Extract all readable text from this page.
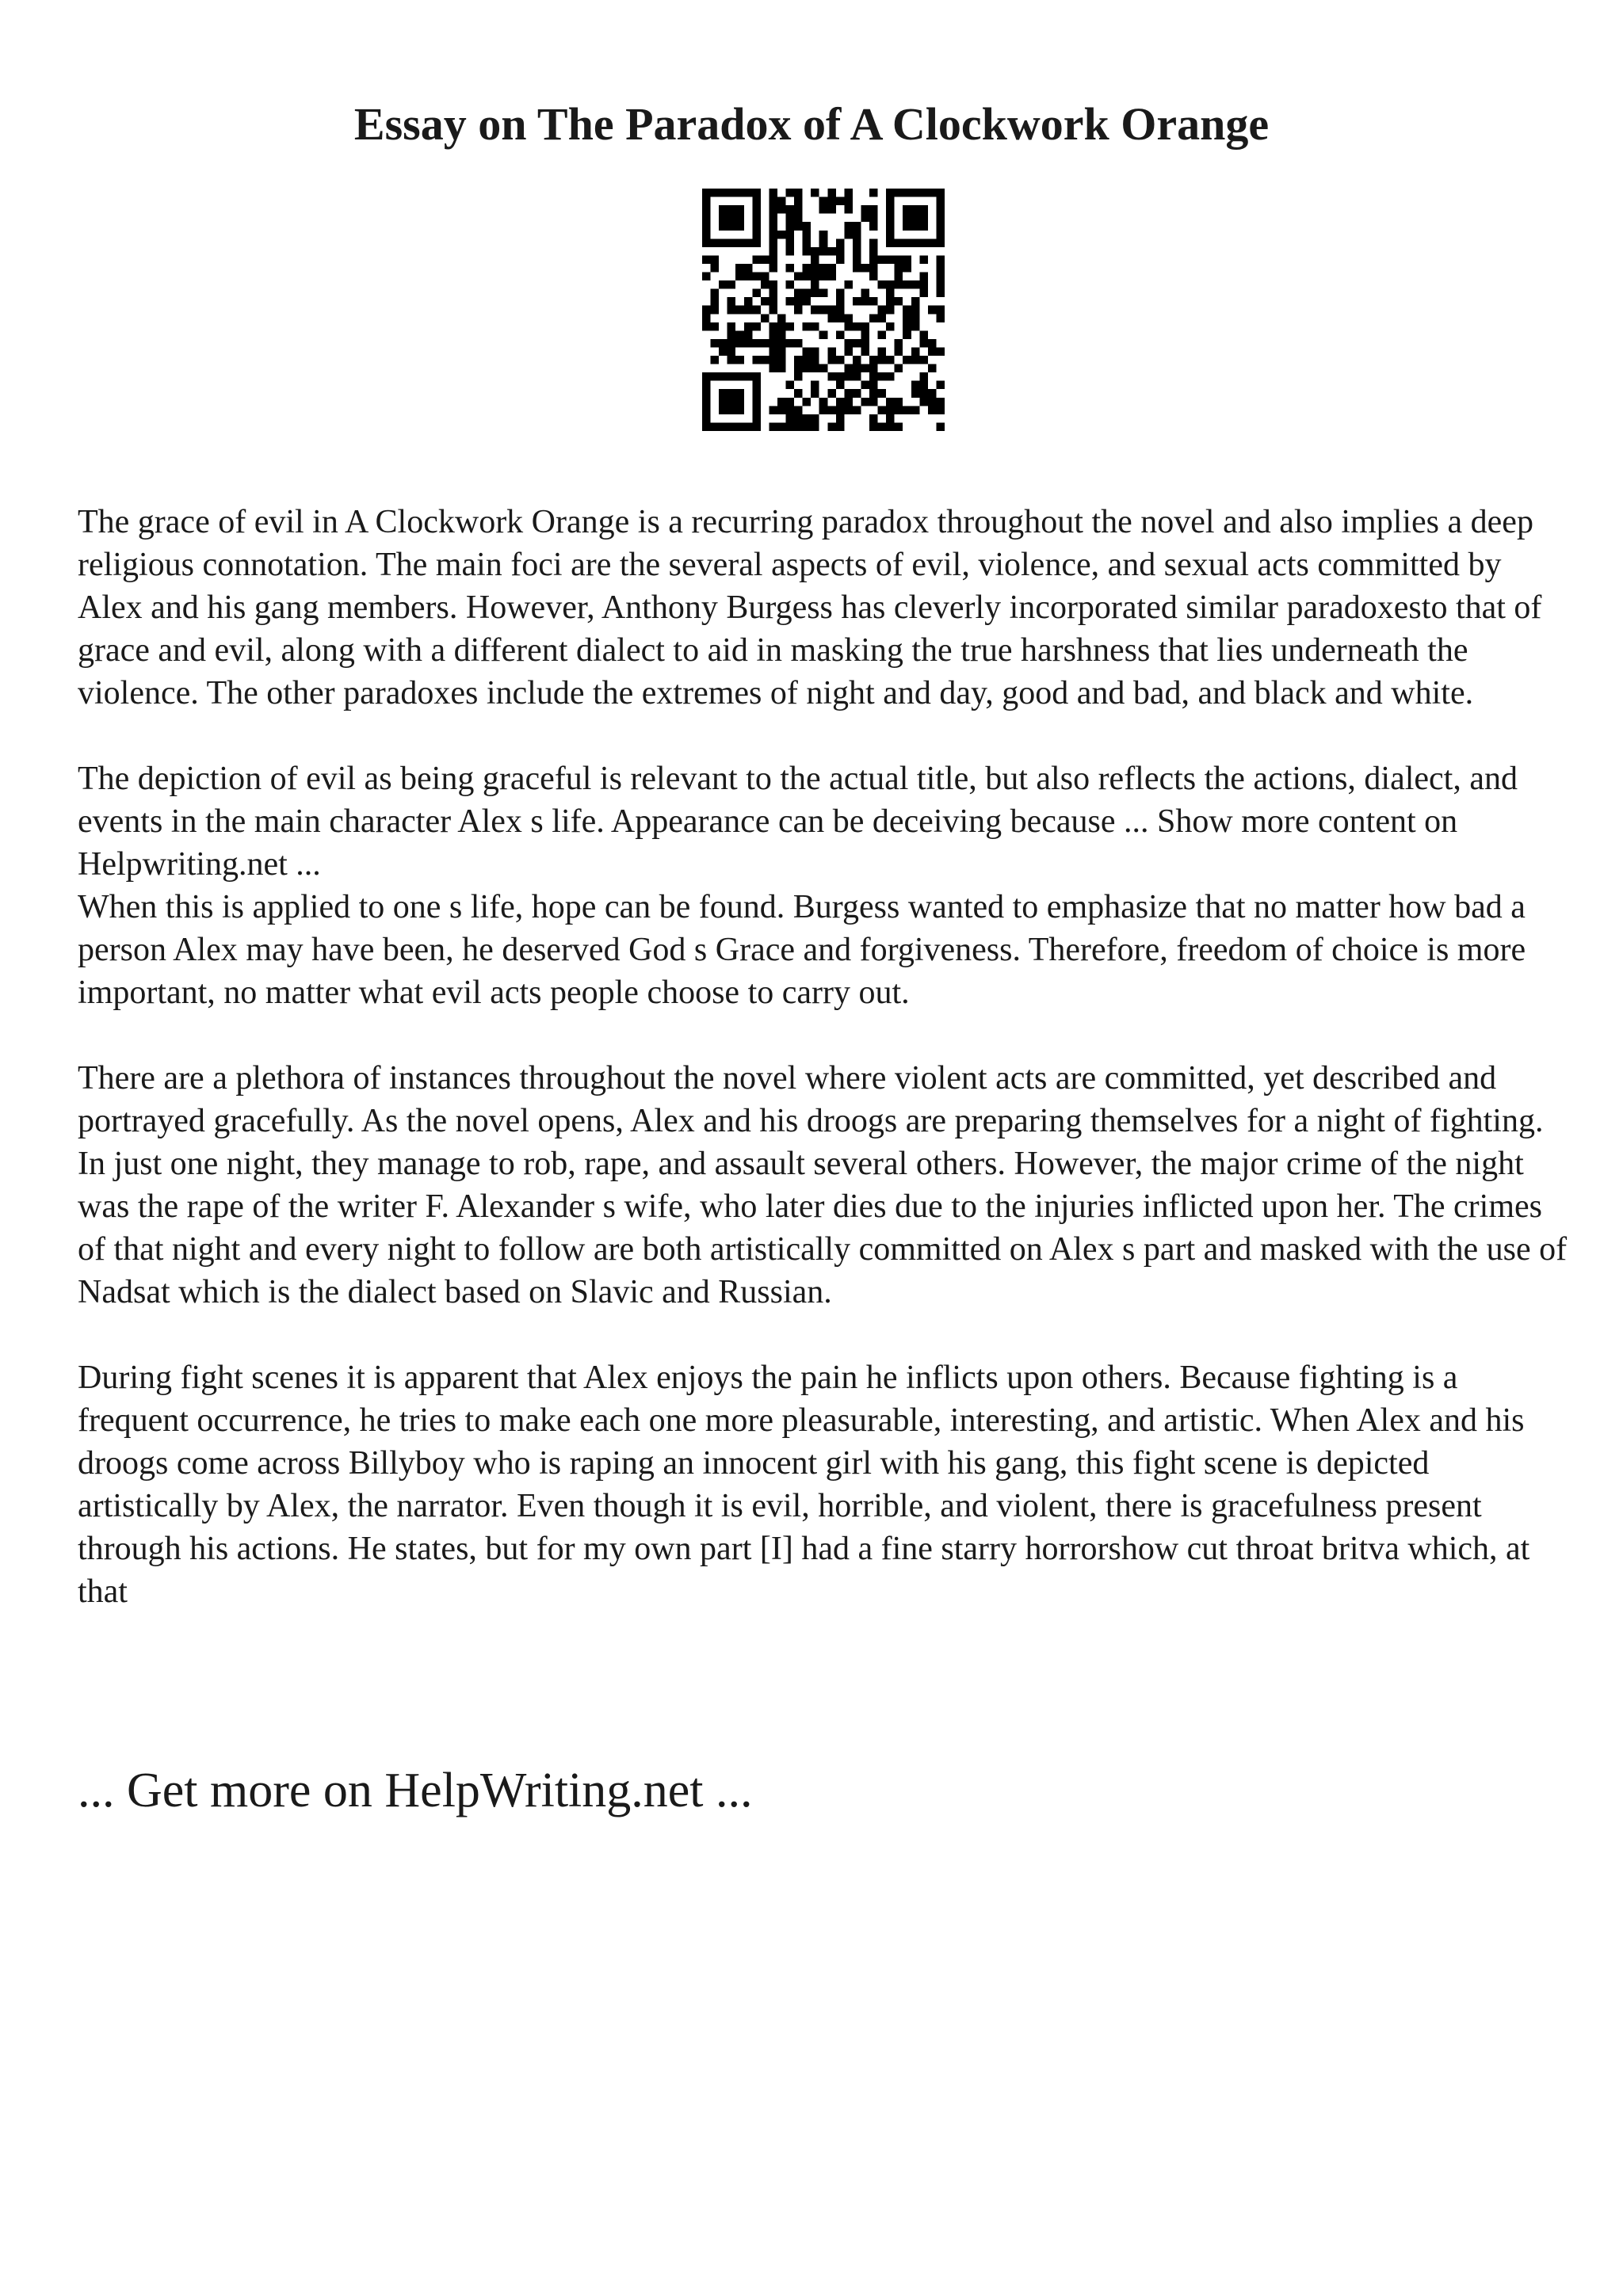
Essay on The Paradox of A Clockwork Orange

The grace of evil in A Clockwork Orange is a recurring paradox throughout the novel and also implies a deep religious connotation. The main foci are the several aspects of evil, violence, and sexual acts committed by Alex and his gang members. However, Anthony Burgess has cleverly incorporated similar paradoxesto that of grace and evil, along with a different dialect to aid in masking the true harshness that lies underneath the violence. The other paradoxes include the extremes of night and day, good and bad, and black and white.

The depiction of evil as being graceful is relevant to the actual title, but also reflects the actions, dialect, and events in the main character Alex s life. Appearance can be deceiving because ... Show more content on Helpwriting.net ...

When this is applied to one s life, hope can be found. Burgess wanted to emphasize that no matter how bad a person Alex may have been, he deserved God s Grace and forgiveness. Therefore, freedom of choice is more important, no matter what evil acts people choose to carry out.

There are a plethora of instances throughout the novel where violent acts are committed, yet described and portrayed gracefully. As the novel opens, Alex and his droogs are preparing themselves for a night of fighting. In just one night, they manage to rob, rape, and assault several others. However, the major crime of the night was the rape of the writer F. Alexander s wife, who later dies due to the injuries inflicted upon her. The crimes of that night and every night to follow are both artistically committed on Alex s part and masked with the use of Nadsat which is the dialect based on Slavic and Russian.

During fight scenes it is apparent that Alex enjoys the pain he inflicts upon others. Because fighting is a frequent occurrence, he tries to make each one more pleasurable, interesting, and artistic. When Alex and his droogs come across Billyboy who is raping an innocent girl with his gang, this fight scene is depicted artistically by Alex, the narrator. Even though it is evil, horrible, and violent, there is gracefulness present through his actions. He states, but for my own part [I] had a fine starry horrorshow cut throat britva which, at that

... Get more on HelpWriting.net ...
